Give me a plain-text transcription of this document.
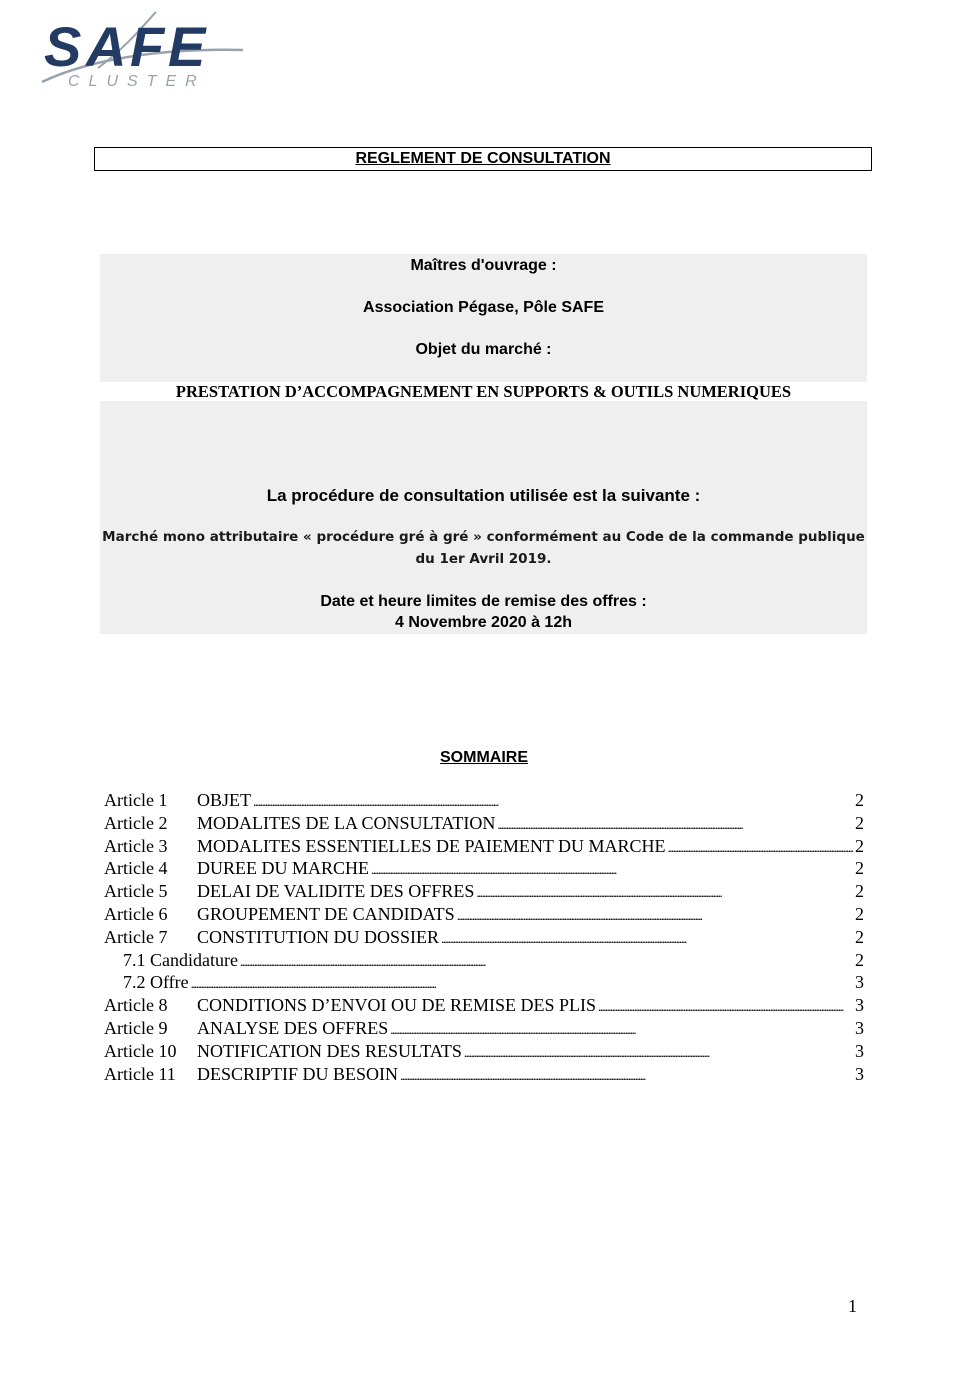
S A F E
CLUSTER
REGLEMENT DE CONSULTATION
Maîtres d'ouvrage :
Association Pégase, Pôle SAFE
Objet du marché :
PRESTATION D’ACCOMPAGNEMENT EN SUPPORTS & OUTILS NUMERIQUES
La procédure de consultation utilisée est la suivante :
Marché mono attributaire « procédure gré à gré » conformément au Code de la commande publique
du 1er Avril 2019.
Date et heure limites de remise des offres :
4 Novembre 2020 à 12h
SOMMAIRE
Article 1	OBJET . . .	2
Article 2	MODALITES DE LA CONSULTATION . . .	2
Article 3	MODALITES ESSENTIELLES DE PAIEMENT DU MARCHE . . .	2
Article 4	DUREE DU MARCHE . . .	2
Article 5	DELAI DE VALIDITE DES OFFRES . . .	2
Article 6	GROUPEMENT DE CANDIDATS . . .	2
Article 7	CONSTITUTION DU DOSSIER . . .	2
7.1 Candidature . . .	2
7.2 Offre . . .	3
Article 8	CONDITIONS D’ENVOI OU DE REMISE DES PLIS . . .	3
Article 9	ANALYSE DES OFFRES . . .	3
Article 10	NOTIFICATION DES RESULTATS . . .	3
Article 11	DESCRIPTIF DU BESOIN . . .	3
1
